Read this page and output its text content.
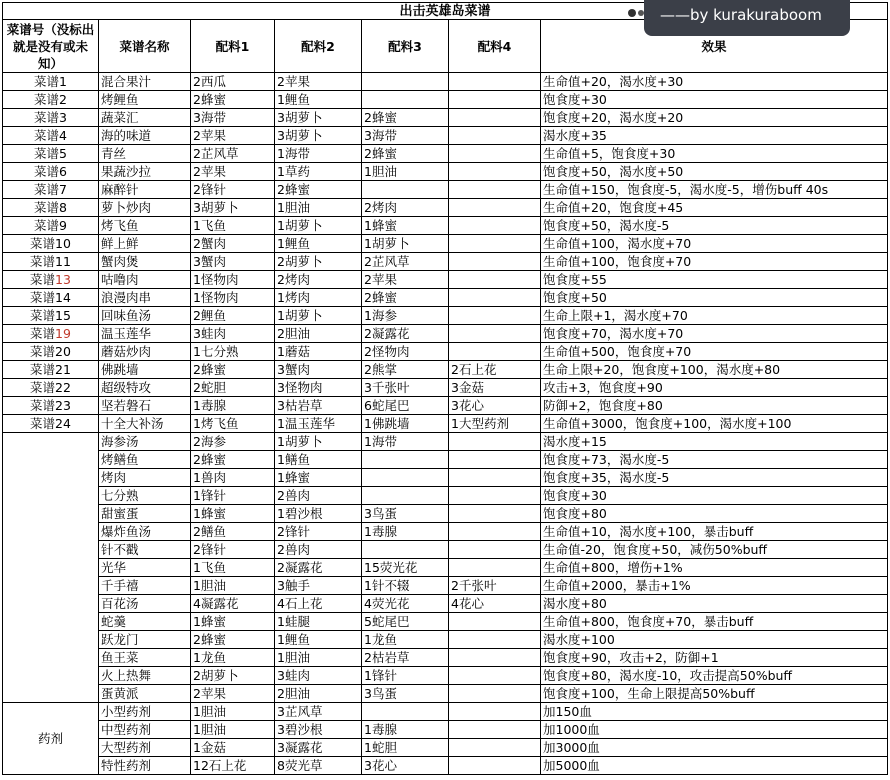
出击英雄岛菜谱						
菜谱号（没标出就是没有或未知）	菜谱名称	配料1	配料2	配料3	配料4	效果
菜谱1	混合果汁	2西瓜	2苹果			生命值+20，渴水度+30
菜谱2	烤鲤鱼	2蜂蜜	1鲤鱼			饱食度+30
菜谱3	蔬菜汇	3海带	3胡萝卜	2蜂蜜		饱食度+20，渴水度+20
菜谱4	海的味道	2苹果	3胡萝卜	3海带		渴水度+35
菜谱5	青丝	2芷风草	1海带	2蜂蜜		生命值+5，饱食度+30
菜谱6	果蔬沙拉	2苹果	1草药	1胆油		饱食度+50，渴水度+50
菜谱7	麻醉针	2锋针	2蜂蜜			生命值+150，饱食度-5，渴水度-5，增伤buff 40s
菜谱8	萝卜炒肉	3胡萝卜	1胆油	2烤肉		生命值+20，饱食度+45
菜谱9	烤飞鱼	1飞鱼	1胡萝卜	1蜂蜜		饱食度+50，渴水度-5
菜谱10	鲜上鲜	2蟹肉	1鲤鱼	1胡萝卜		生命值+100，渴水度+70
菜谱11	蟹肉煲	3蟹肉	2胡萝卜	2芷风草		生命值+100，饱食度+70
菜谱13	咕噜肉	1怪物肉	2烤肉	2苹果		饱食度+55
菜谱14	浪漫肉串	1怪物肉	1烤肉	2蜂蜜		饱食度+50
菜谱15	回味鱼汤	2鲤鱼	1胡萝卜	1海参		生命上限+1，渴水度+70
菜谱19	温玉莲华	3蛙肉	2胆油	2凝露花		饱食度+70，渴水度+70
菜谱20	蘑菇炒肉	1七分熟	1蘑菇	2怪物肉		生命值+500，饱食度+70
菜谱21	佛跳墙	2蜂蜜	3蟹肉	2熊掌	2石上花	生命上限+20，饱食度+100，渴水度+80
菜谱22	超级特攻	2蛇胆	3怪物肉	3千张叶	3金菇	攻击+3，饱食度+90
菜谱23	坚若磐石	1毒腺	3枯岩草	6蛇尾巴	3花心	防御+2，饱食度+80
菜谱24	十全大补汤	1烤飞鱼	1温玉莲华	1佛跳墙	1大型药剂	生命值+3000，饱食度+100，渴水度+100
	海参汤	2海参	1胡萝卜	1海带		渴水度+15
	烤鳝鱼	2蜂蜜	1鳝鱼			饱食度+73，渴水度-5
	烤肉	1兽肉	1蜂蜜			饱食度+35，渴水度-5
	七分熟	1锋针	2兽肉			饱食度+30
	甜蜜蛋	1蜂蜜	1碧沙根	3鸟蛋		饱食度+80
	爆炸鱼汤	2鳝鱼	2锋针	1毒腺		生命值+10，渴水度+100，暴击buff
	针不戳	2锋针	2兽肉			生命值-20，饱食度+50，减伤50%buff
	光华	1飞鱼	2凝露花	15荧光花		生命值+800，增伤+1%
	千手禧	1胆油	3触手	1针不辍	2千张叶	生命值+2000，暴击+1%
	百花汤	4凝露花	4石上花	4荧光花	4花心	渴水度+80
	蛇羹	1蜂蜜	1蛙腿	5蛇尾巴		生命值+800，饱食度+70，暴击buff
	跃龙门	2蜂蜜	1鲤鱼	1龙鱼		渴水度+100
	鱼王菜	1龙鱼	1胆油	2枯岩草		饱食度+90，攻击+2，防御+1
	火上热舞	2胡萝卜	3蛙肉	1锋针		饱食度+80，渴水度-10，攻击提高50%buff
	蛋黄派	2苹果	2胆油	3鸟蛋		饱食度+100，生命上限提高50%buff
药剂	小型药剂	1胆油	3芷风草			加150血
	中型药剂	1胆油	3碧沙根	1毒腺		加1000血
	大型药剂	1金菇	3凝露花	1蛇胆		加3000血
	特性药剂	12石上花	8荧光草	3花心		加5000血
——by kurakuraboom
